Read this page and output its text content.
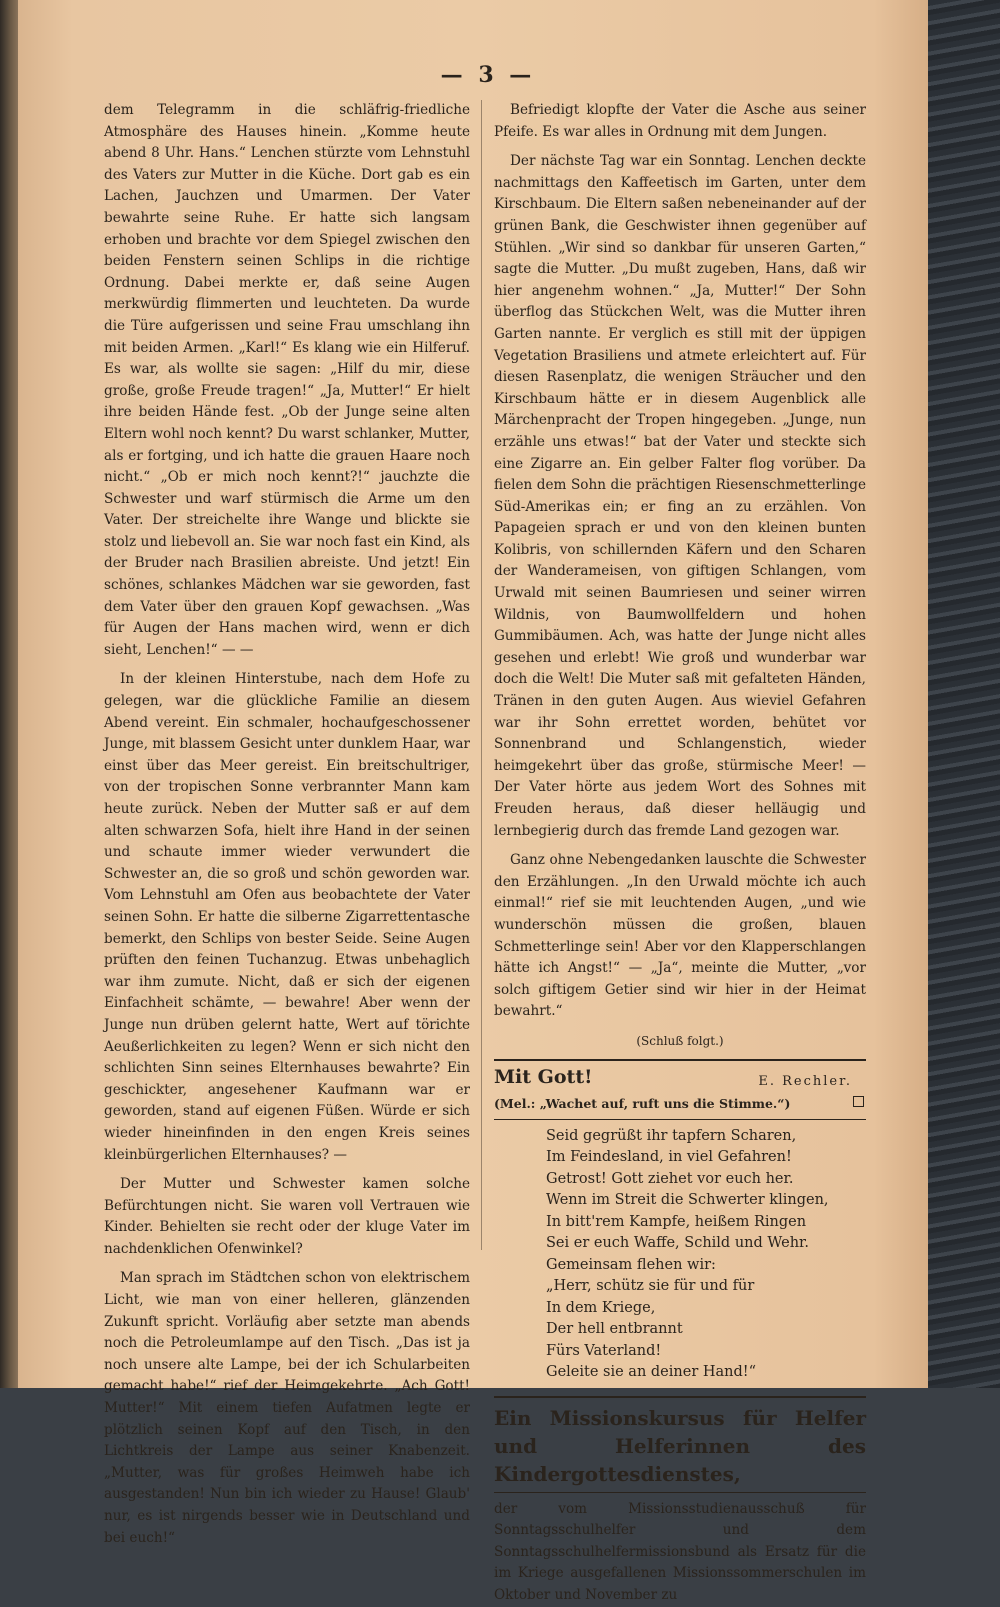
— 3 —

dem Telegramm in die schläfrig-friedliche Atmosphäre des Hauses hinein. „Komme heute abend 8 Uhr. Hans.“ Lenchen stürzte vom Lehnstuhl des Vaters zur Mutter in die Küche. Dort gab es ein Lachen, Jauchzen und Umarmen. Der Vater bewahrte seine Ruhe. Er hatte sich langsam erhoben und brachte vor dem Spiegel zwischen den beiden Fenstern seinen Schlips in die richtige Ordnung. Dabei merkte er, daß seine Augen merkwürdig flimmerten und leuchteten. Da wurde die Türe aufgerissen und seine Frau umschlang ihn mit beiden Armen. „Karl!“ Es klang wie ein Hilferuf. Es war, als wollte sie sagen: „Hilf du mir, diese große, große Freude tragen!“ „Ja, Mutter!“ Er hielt ihre beiden Hände fest. „Ob der Junge seine alten Eltern wohl noch kennt? Du warst schlanker, Mutter, als er fortging, und ich hatte die grauen Haare noch nicht.“ „Ob er mich noch kennt?!“ jauchzte die Schwester und warf stürmisch die Arme um den Vater. Der streichelte ihre Wange und blickte sie stolz und liebevoll an. Sie war noch fast ein Kind, als der Bruder nach Brasilien abreiste. Und jetzt! Ein schönes, schlankes Mädchen war sie geworden, fast dem Vater über den grauen Kopf gewachsen. „Was für Augen der Hans machen wird, wenn er dich sieht, Lenchen!“ — —

In der kleinen Hinterstube, nach dem Hofe zu gelegen, war die glückliche Familie an diesem Abend vereint. Ein schmaler, hochaufgeschossener Junge, mit blassem Gesicht unter dunklem Haar, war einst über das Meer gereist. Ein breitschultriger, von der tropischen Sonne verbrannter Mann kam heute zurück. Neben der Mutter saß er auf dem alten schwarzen Sofa, hielt ihre Hand in der seinen und schaute immer wieder verwundert die Schwester an, die so groß und schön geworden war. Vom Lehnstuhl am Ofen aus beobachtete der Vater seinen Sohn. Er hatte die silberne Zigarrettentasche bemerkt, den Schlips von bester Seide. Seine Augen prüften den feinen Tuchanzug. Etwas unbehaglich war ihm zumute. Nicht, daß er sich der eigenen Einfachheit schämte, — bewahre! Aber wenn der Junge nun drüben gelernt hatte, Wert auf törichte Aeußerlichkeiten zu legen? Wenn er sich nicht den schlichten Sinn seines Elternhauses bewahrte? Ein geschickter, angesehener Kaufmann war er geworden, stand auf eigenen Füßen. Würde er sich wieder hineinfinden in den engen Kreis seines kleinbürgerlichen Elternhauses? —

Der Mutter und Schwester kamen solche Befürchtungen nicht. Sie waren voll Vertrauen wie Kinder. Behielten sie recht oder der kluge Vater im nachdenklichen Ofenwinkel?

Man sprach im Städtchen schon von elektrischem Licht, wie man von einer helleren, glänzenden Zukunft spricht. Vorläufig aber setzte man abends noch die Petroleumlampe auf den Tisch. „Das ist ja noch unsere alte Lampe, bei der ich Schularbeiten gemacht habe!“ rief der Heimgekehrte. „Ach Gott! Mutter!“ Mit einem tiefen Aufatmen legte er plötzlich seinen Kopf auf den Tisch, in den Lichtkreis der Lampe aus seiner Knabenzeit. „Mutter, was für großes Heimweh habe ich ausgestanden! Nun bin ich wieder zu Hause! Glaub' nur, es ist nirgends besser wie in Deutschland und bei euch!“

Befriedigt klopfte der Vater die Asche aus seiner Pfeife. Es war alles in Ordnung mit dem Jungen.

Der nächste Tag war ein Sonntag. Lenchen deckte nachmittags den Kaffeetisch im Garten, unter dem Kirschbaum. Die Eltern saßen nebeneinander auf der grünen Bank, die Geschwister ihnen gegenüber auf Stühlen. „Wir sind so dankbar für unseren Garten,“ sagte die Mutter. „Du mußt zugeben, Hans, daß wir hier angenehm wohnen.“ „Ja, Mutter!“ Der Sohn überflog das Stückchen Welt, was die Mutter ihren Garten nannte. Er verglich es still mit der üppigen Vegetation Brasiliens und atmete erleichtert auf. Für diesen Rasenplatz, die wenigen Sträucher und den Kirschbaum hätte er in diesem Augenblick alle Märchenpracht der Tropen hingegeben. „Junge, nun erzähle uns etwas!“ bat der Vater und steckte sich eine Zigarre an. Ein gelber Falter flog vorüber. Da fielen dem Sohn die prächtigen Riesenschmetterlinge Süd-Amerikas ein; er fing an zu erzählen. Von Papageien sprach er und von den kleinen bunten Kolibris, von schillernden Käfern und den Scharen der Wanderameisen, von giftigen Schlangen, vom Urwald mit seinen Baumriesen und seiner wirren Wildnis, von Baumwollfeldern und hohen Gummibäumen. Ach, was hatte der Junge nicht alles gesehen und erlebt! Wie groß und wunderbar war doch die Welt! Die Muter saß mit gefalteten Händen, Tränen in den guten Augen. Aus wieviel Gefahren war ihr Sohn errettet worden, behütet vor Sonnenbrand und Schlangenstich, wieder heimgekehrt über das große, stürmische Meer! — Der Vater hörte aus jedem Wort des Sohnes mit Freuden heraus, daß dieser helläugig und lernbegierig durch das fremde Land gezogen war.

Ganz ohne Nebengedanken lauschte die Schwester den Erzählungen. „In den Urwald möchte ich auch einmal!“ rief sie mit leuchtenden Augen, „und wie wunderschön müssen die großen, blauen Schmetterlinge sein! Aber vor den Klapperschlangen hätte ich Angst!“ — „Ja“, meinte die Mutter, „vor solch giftigem Getier sind wir hier in der Heimat bewahrt.“

(Schluß folgt.)
Mit Gott!	E. Rechler.
(Mel.: „Wachet auf, ruft uns die Stimme.“)
Seid gegrüßt ihr tapfern Scharen,
Im Feindesland, in viel Gefahren!
Getrost! Gott ziehet vor euch her.
Wenn im Streit die Schwerter klingen,
In bitt'rem Kampfe, heißem Ringen
Sei er euch Waffe, Schild und Wehr.
Gemeinsam flehen wir:
„Herr, schütz sie für und für
In dem Kriege,
Der hell entbrannt
Fürs Vaterland!
Geleite sie an deiner Hand!“
Ein Missionskursus für Helfer und Helferinnen des Kindergottesdienstes,

der vom Missionsstudienausschuß für Sonntagsschulhelfer und dem Sonntagsschulhelfermissionsbund als Ersatz für die im Kriege ausgefallenen Missionssommerschulen im Oktober und November zu
